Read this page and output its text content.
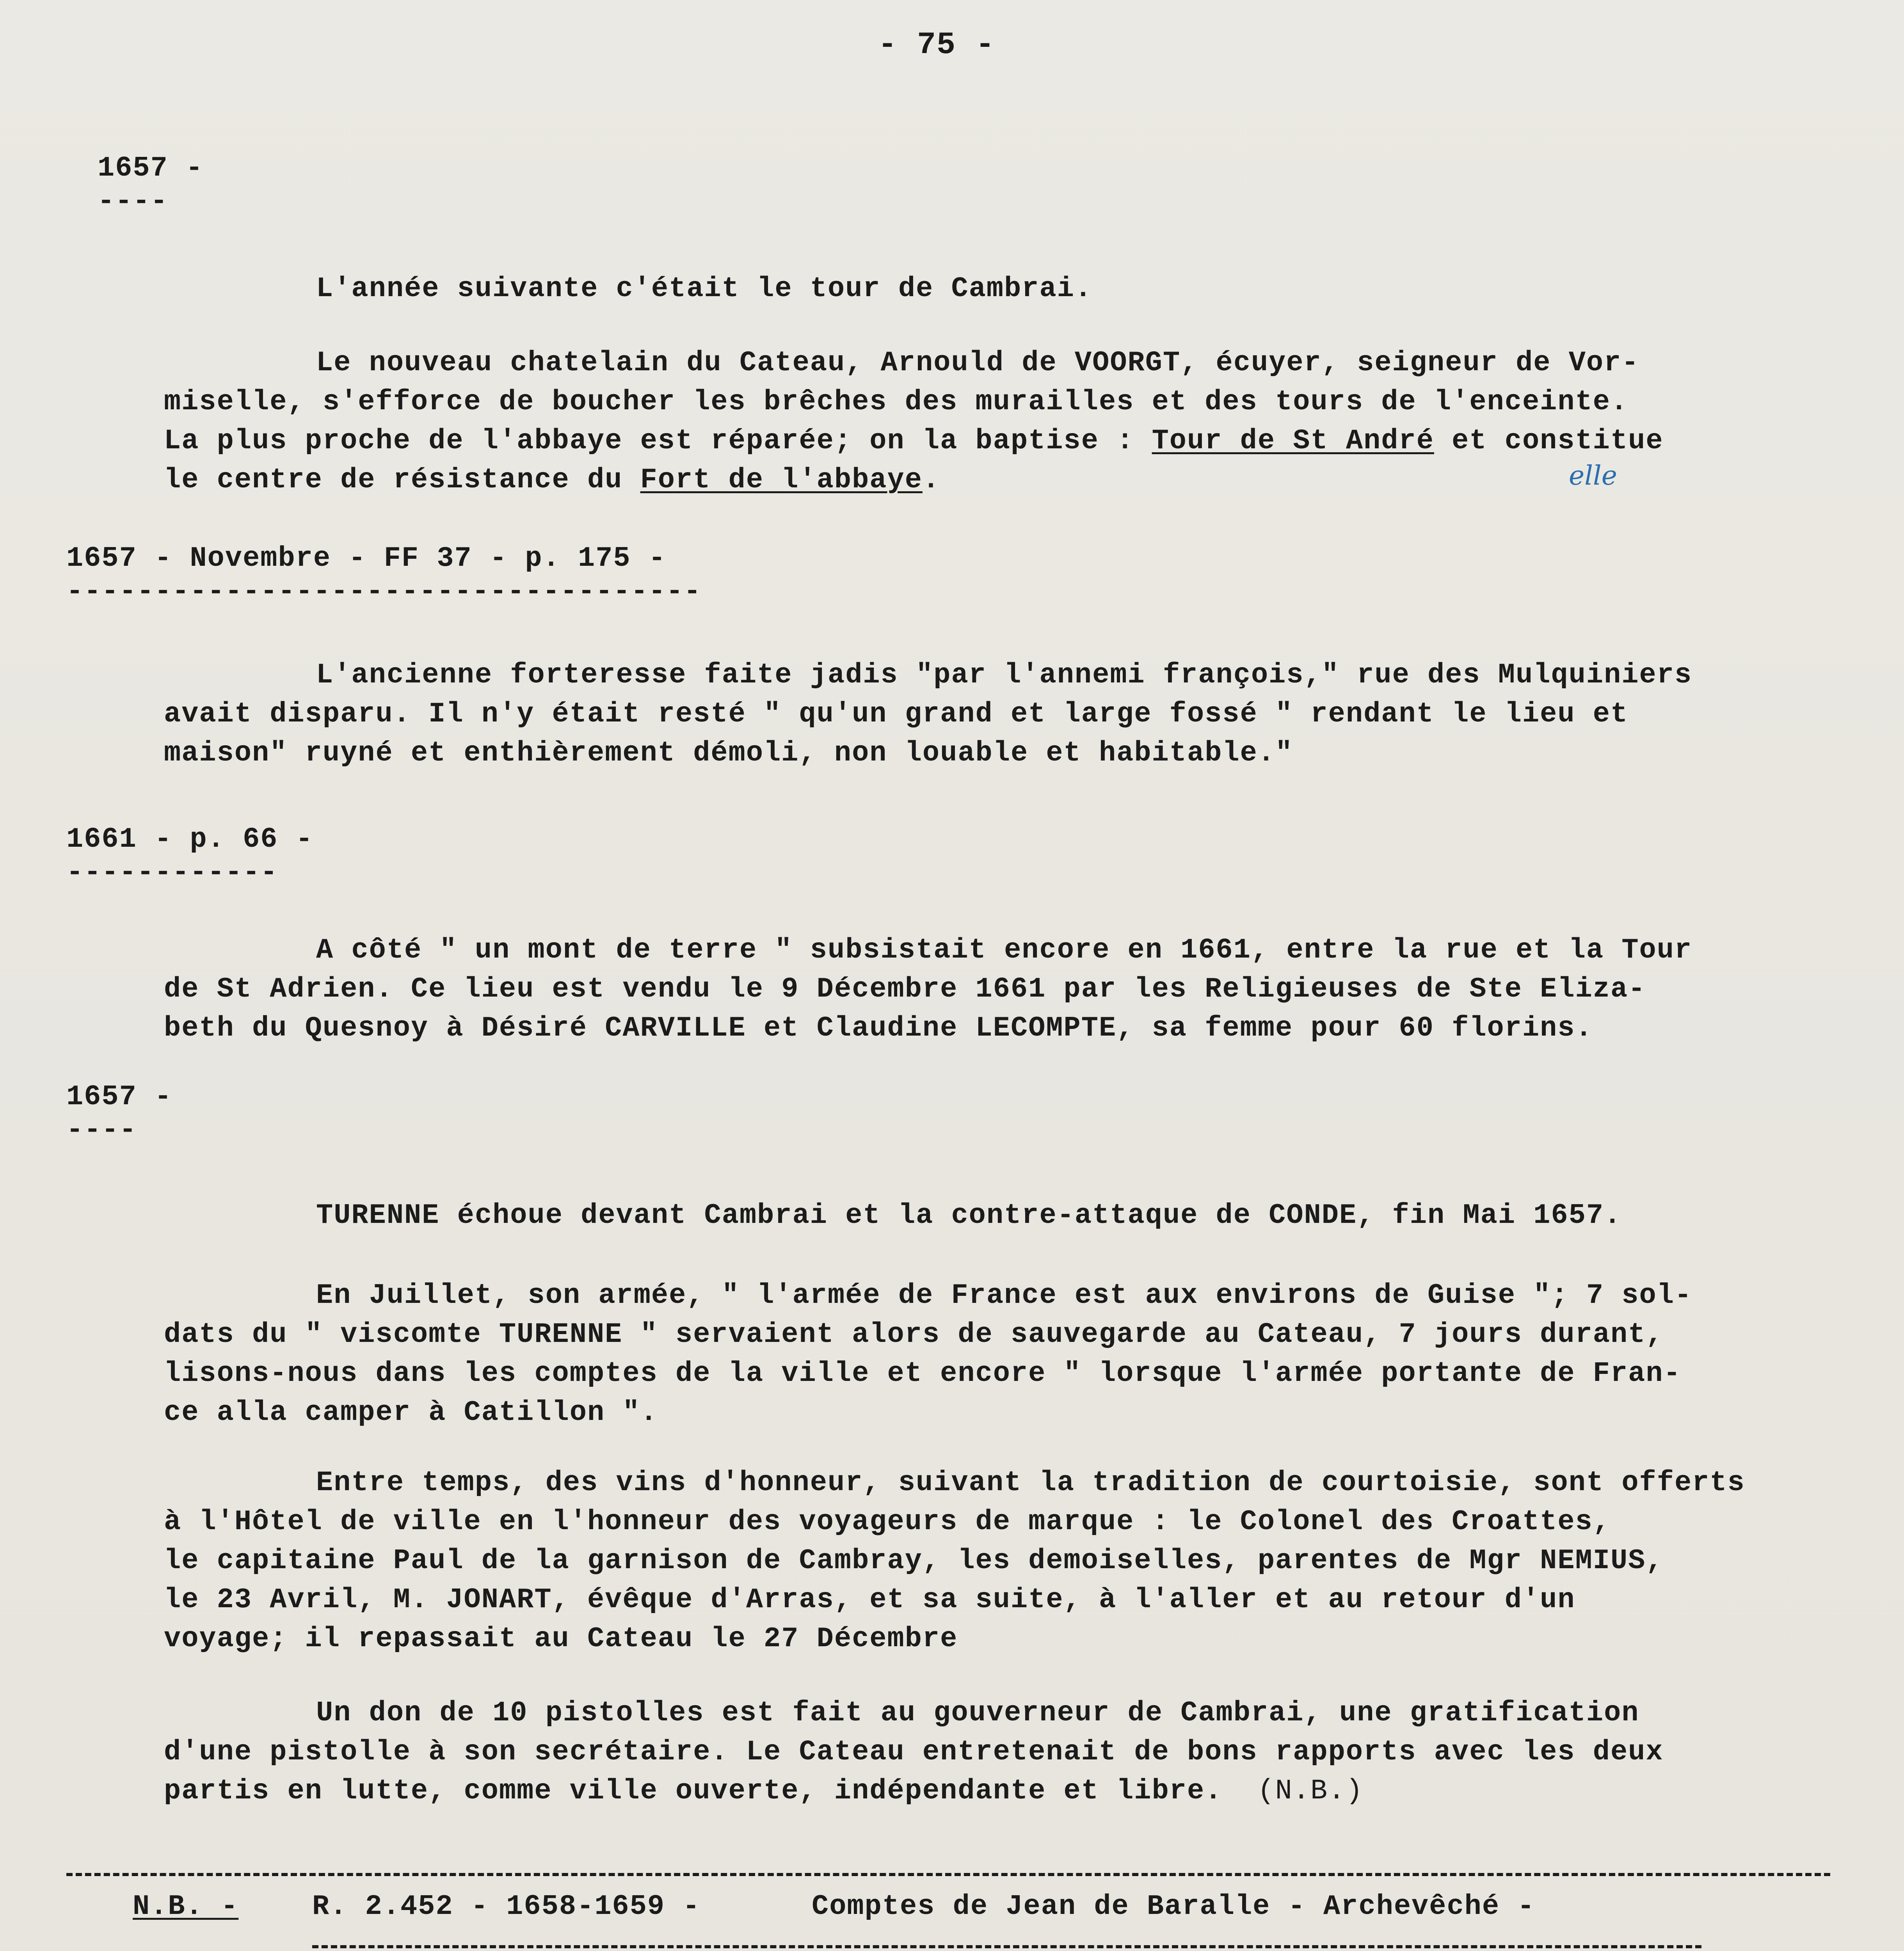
- 75 -
1657 -
----
L'année suivante c'était le tour de Cambrai.
Le nouveau chatelain du Cateau, Arnould de VOORGT, écuyer, seigneur de Vor-
miselle, s'efforce de boucher les brêches des murailles et des tours de l'enceinte.
La plus proche de l'abbaye est réparée; on la baptise : Tour de St André et constitue
le centre de résistance du Fort de l'abbaye.	elle
1657 - Novembre - FF 37 - p. 175 -
------------------------------------
L'ancienne forteresse faite jadis "par l'annemi françois," rue des Mulquiniers
avait disparu. Il n'y était resté " qu'un grand et large fossé " rendant le lieu et
maison" ruyné et enthièrement démoli, non louable et habitable."
1661 - p. 66 -
------------
A côté " un mont de terre " subsistait encore en 1661, entre la rue et la Tour
de St Adrien. Ce lieu est vendu le 9 Décembre 1661 par les Religieuses de Ste Eliza-
beth du Quesnoy à Désiré CARVILLE et Claudine LECOMPTE, sa femme pour 60 florins.
1657 -
----
TURENNE échoue devant Cambrai et la contre-attaque de CONDE, fin Mai 1657.
En Juillet, son armée, " l'armée de France est aux environs de Guise "; 7 sol-
dats du " viscomte TURENNE " servaient alors de sauvegarde au Cateau, 7 jours durant,
lisons-nous dans les comptes de la ville et encore " lorsque l'armée portante de Fran-
ce alla camper à Catillon ".
Entre temps, des vins d'honneur, suivant la tradition de courtoisie, sont offerts
à l'Hôtel de ville en l'honneur des voyageurs de marque : le Colonel des Croattes,
le capitaine Paul de la garnison de Cambray, les demoiselles, parentes de Mgr NEMIUS,
le 23 Avril, M. JONART, évêque d'Arras, et sa suite, à l'aller et au retour d'un
voyage; il repassait au Cateau le 27 Décembre
Un don de 10 pistolles est fait au gouverneur de Cambrai, une gratification
d'une pistolle à son secrétaire. Le Cateau entretenait de bons rapports avec les deux
partis en lutte, comme ville ouverte, indépendante et libre. (N.B.)
N.B. -	R. 2.452 - 1658-1659 -	Comptes de Jean de Baralle - Archevêché -
